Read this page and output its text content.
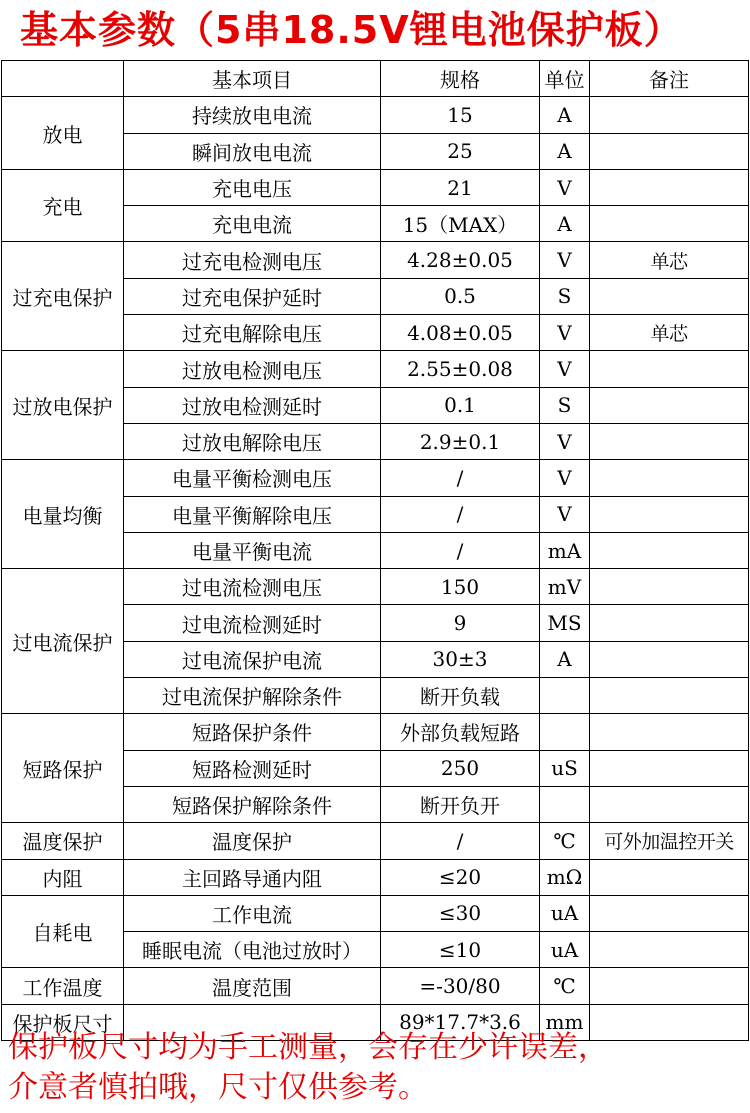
基本参数（5串18.5V锂电池保护板）
	基本项目	规格	单位	备注
放电	持续放电电流	15	A	
	瞬间放电电流	25	A	
充电	充电电压	21	V	
	充电电流	15（MAX）	A	
过充电保护	过充电检测电压	4.28±0.05	V	单芯
	过充电保护延时	0.5	S	
	过充电解除电压	4.08±0.05	V	单芯
过放电保护	过放电检测电压	2.55±0.08	V	
	过放电检测延时	0.1	S	
	过放电解除电压	2.9±0.1	V	
电量均衡	电量平衡检测电压	/	V	
	电量平衡解除电压	/	V	
	电量平衡电流	/	mA	
过电流保护	过电流检测电压	150	mV	
	过电流检测延时	9	MS	
	过电流保护电流	30±3	A	
	过电流保护解除条件	断开负载		
短路保护	短路保护条件	外部负载短路		
	短路检测延时	250	uS	
	短路保护解除条件	断开负开		
温度保护	温度保护	/	℃	可外加温控开关
内阻	主回路导通内阻	≤20	mΩ	
自耗电	工作电流	≤30	uA	
	睡眠电流（电池过放时）	≤10	uA	
工作温度	温度范围	=-30/80	℃	
保护板尺寸		89*17.7*3.6	mm	
保护板尺寸均为手工测量，会存在少许误差，
介意者慎拍哦，尺寸仅供参考。
